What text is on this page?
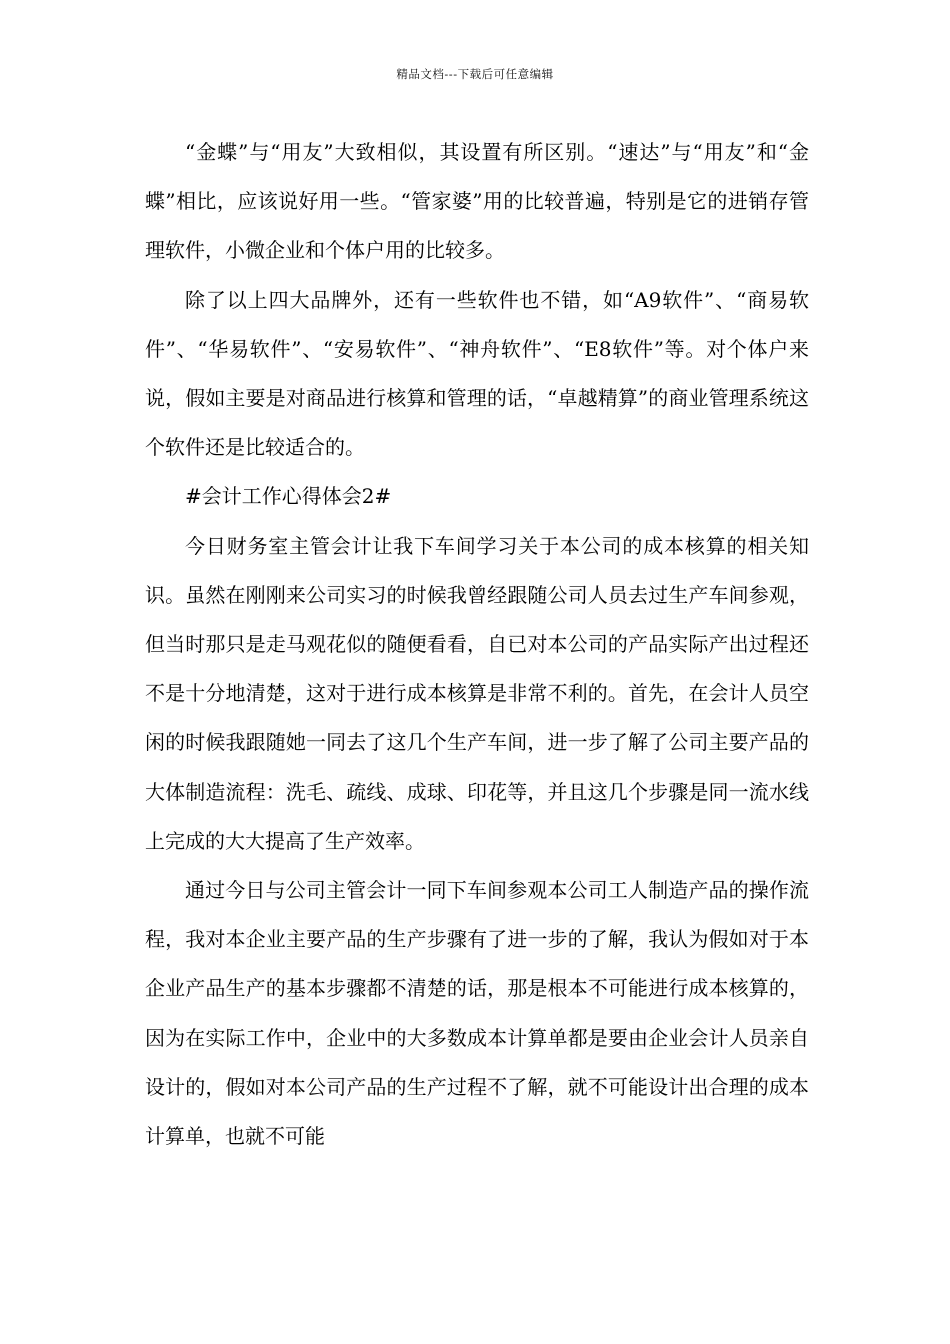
精品文档---下载后可任意编辑

“金蝶”与“用友”大致相似，其设置有所区别。“速达”与“用友”和“金蝶”相比，应该说好用一些。“管家婆”用的比较普遍，特别是它的进销存管理软件，小微企业和个体户用的比较多。

除了以上四大品牌外，还有一些软件也不错，如“A9软件”、“商易软件”、“华易软件”、“安易软件”、“神舟软件”、“E8软件”等。对个体户来说，假如主要是对商品进行核算和管理的话，“卓越精算”的商业管理系统这个软件还是比较适合的。

#会计工作心得体会2#

今日财务室主管会计让我下车间学习关于本公司的成本核算的相关知识。虽然在刚刚来公司实习的时候我曾经跟随公司人员去过生产车间参观，但当时那只是走马观花似的随便看看，自已对本公司的产品实际产出过程还不是十分地清楚，这对于进行成本核算是非常不利的。首先，在会计人员空闲的时候我跟随她一同去了这几个生产车间，进一步了解了公司主要产品的大体制造流程：洗毛、疏线、成球、印花等，并且这几个步骤是同一流水线上完成的大大提高了生产效率。

通过今日与公司主管会计一同下车间参观本公司工人制造产品的操作流程，我对本企业主要产品的生产步骤有了进一步的了解，我认为假如对于本企业产品生产的基本步骤都不清楚的话，那是根本不可能进行成本核算的，因为在实际工作中，企业中的大多数成本计算单都是要由企业会计人员亲自设计的，假如对本公司产品的生产过程不了解，就不可能设计出合理的成本计算单，也就不可能
